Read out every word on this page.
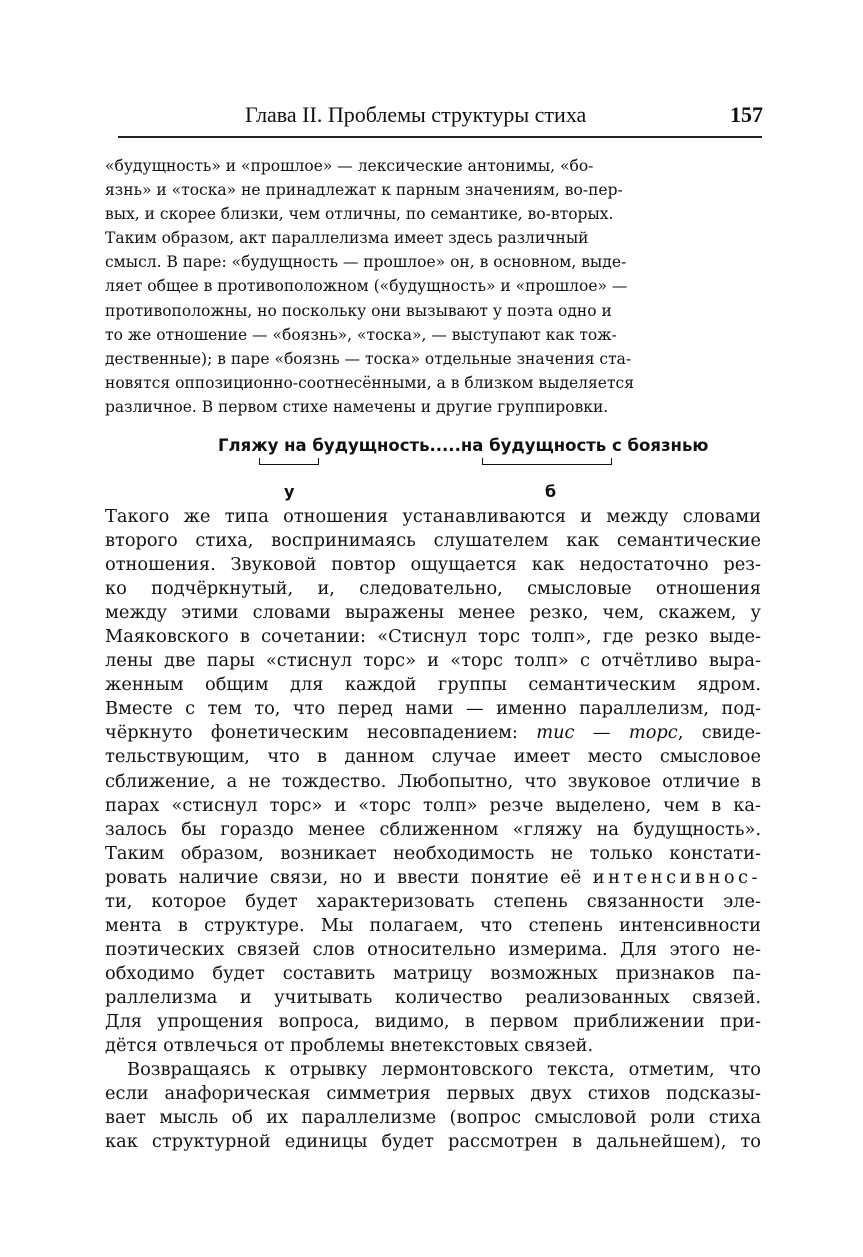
Глава II. Проблемы структуры стиха	157
«будущность» и «прошлое» — лексические антонимы, «бо-
язнь» и «тоска» не принадлежат к парным значениям, во-пер-
вых, и скорее близки, чем отличны, по семантике, во-вторых.
Таким образом, акт параллелизма имеет здесь различный
смысл. В паре: «будущность — прошлое» он, в основном, выде-
ляет общее в противоположном («будущность» и «прошлое» —
противоположны, но поскольку они вызывают у поэта одно и
то же отношение — «боязнь», «тоска», — выступают как тож-
дественные); в паре «боязнь — тоска» отдельные значения ста-
новятся оппозиционно-соотнесёнными, а в близком выделяется
различное. В первом стихе намечены и другие группировки.
Гляжу на будущность.....на будущность с боязнью
у	б
Такого же типа отношения устанавливаются и между словами
второго стиха, воспринимаясь слушателем как семантические
отношения. Звуковой повтор ощущается как недостаточно рез-
ко подчёркнутый, и, следовательно, смысловые отношения
между этими словами выражены менее резко, чем, скажем, у
Маяковского в сочетании: «Стиснул торс толп», где резко выде-
лены две пары «стиснул торс» и «торс толп» с отчётливо выра-
женным общим для каждой группы семантическим ядром.
Вместе с тем то, что перед нами — именно параллелизм, под-
чёркнуто фонетическим несовпадением: тис — торс, свиде-
тельствующим, что в данном случае имеет место смысловое
сближение, а не тождество. Любопытно, что звуковое отличие в
парах «стиснул торс» и «торс толп» резче выделено, чем в ка-
залось бы гораздо менее сближенном «гляжу на будущность».
Таким образом, возникает необходимость не только констати-
ровать наличие связи, но и ввести понятие её интенсивнос-
ти, которое будет характеризовать степень связанности эле-
мента в структуре. Мы полагаем, что степень интенсивности
поэтических связей слов относительно измерима. Для этого не-
обходимо будет составить матрицу возможных признаков па-
раллелизма и учитывать количество реализованных связей.
Для упрощения вопроса, видимо, в первом приближении при-
дётся отвлечься от проблемы внетекстовых связей.
Возвращаясь к отрывку лермонтовского текста, отметим, что
если анафорическая симметрия первых двух стихов подсказы-
вает мысль об их параллелизме (вопрос смысловой роли стиха
как структурной единицы будет рассмотрен в дальнейшем), то
